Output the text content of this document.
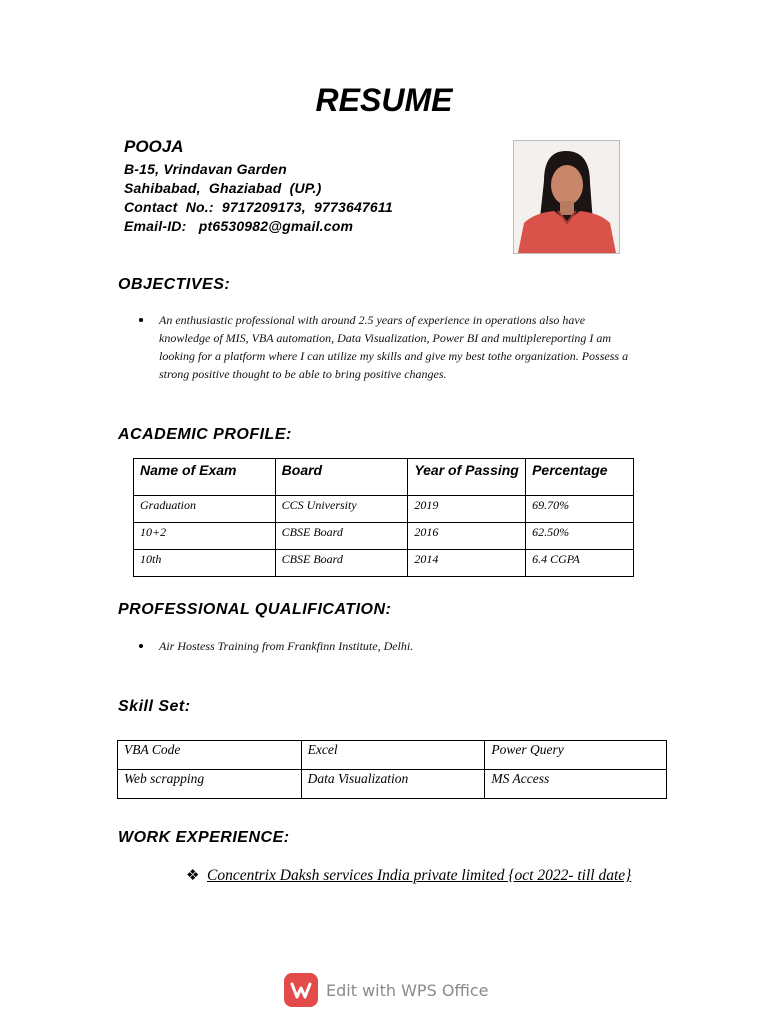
RESUME
POOJA
B-15, Vrindavan Garden
Sahibabad,  Ghaziabad  (UP.)
Contact  No.:  9717209173,  9773647611
Email-ID:   pt6530982@gmail.com
OBJECTIVES:
An enthusiastic professional with around 2.5 years of experience in operations also have knowledge of MIS, VBA automation, Data Visualization, Power BI and multiplereporting I am looking for a platform where I can utilize my skills and give my best tothe organization. Possess a strong positive thought to be able to bring positive changes.
ACADEMIC PROFILE:
Name of Exam	Board	Year of Passing	Percentage
Graduation	CCS University	2019	69.70%
10+2	CBSE Board	2016	62.50%
10th	CBSE Board	2014	6.4 CGPA
PROFESSIONAL QUALIFICATION:
Air Hostess Training from Frankfinn Institute, Delhi.
Skill Set:
VBA Code	Excel	Power Query
Web scrapping	Data Visualization	MS Access
WORK EXPERIENCE:
❖ Concentrix Daksh services India private limited {oct 2022- till date}
Edit with WPS Office
